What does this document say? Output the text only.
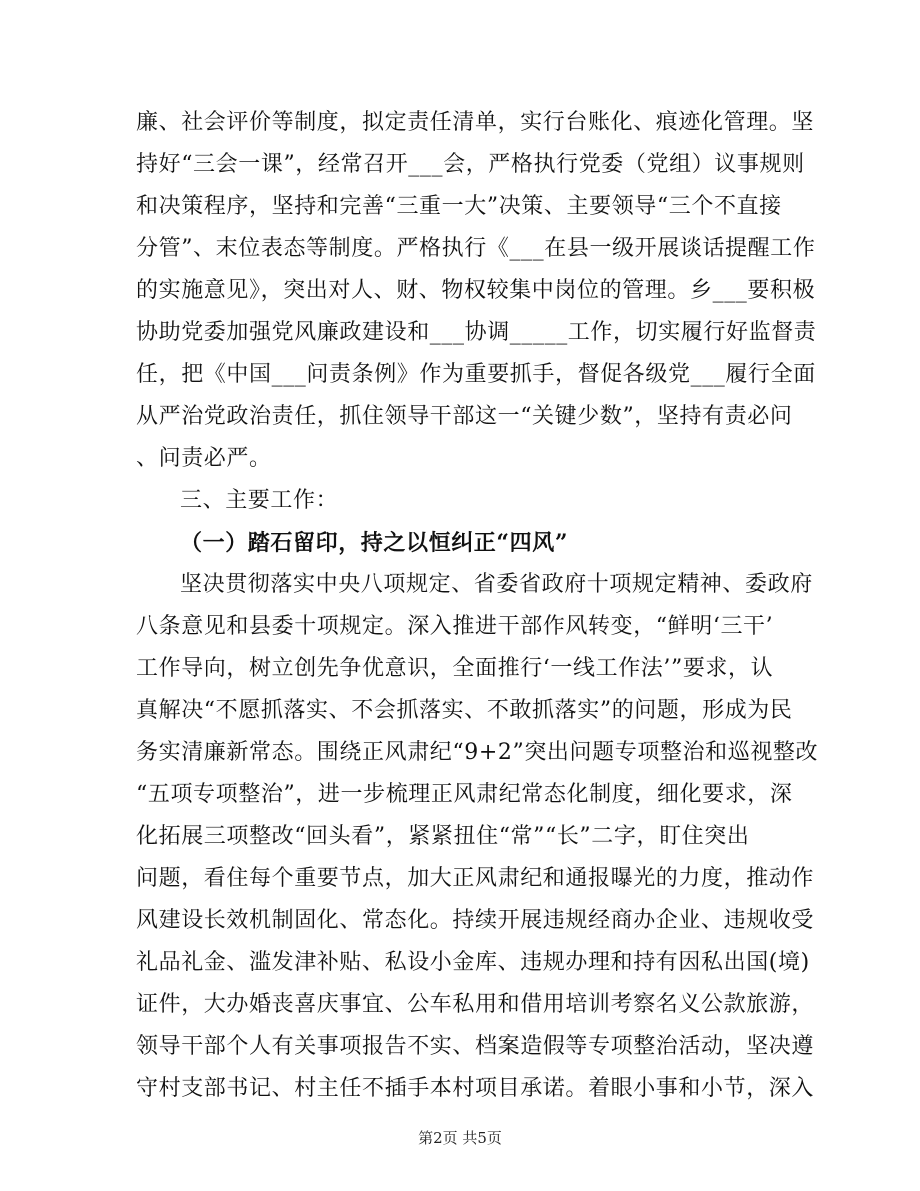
廉、社会评价等制度，拟定责任清单，实行台账化、痕迹化管理。坚
持好“三会一课”，经常召开___会，严格执行党委（党组）议事规则
和决策程序，坚持和完善“三重一大”决策、主要领导“三个不直接
分管”、末位表态等制度。严格执行《___在县一级开展谈话提醒工作
的实施意见》，突出对人、财、物权较集中岗位的管理。乡___要积极
协助党委加强党风廉政建设和___协调_____工作，切实履行好监督责
任，把《中国___问责条例》作为重要抓手，督促各级党___履行全面
从严治党政治责任，抓住领导干部这一“关键少数”，坚持有责必问
、问责必严。
三、主要工作：
（一）踏石留印，持之以恒纠正“四风”
坚决贯彻落实中央八项规定、省委省政府十项规定精神、委政府
八条意见和县委十项规定。深入推进干部作风转变，“鲜明‘三干’
工作导向，树立创先争优意识，全面推行‘一线工作法’”要求，认
真解决“不愿抓落实、不会抓落实、不敢抓落实”的问题，形成为民
务实清廉新常态。围绕正风肃纪“9+2”突出问题专项整治和巡视整改
“五项专项整治”，进一步梳理正风肃纪常态化制度，细化要求，深
化拓展三项整改“回头看”，紧紧扭住“常”“长”二字，盯住突出
问题，看住每个重要节点，加大正风肃纪和通报曝光的力度，推动作
风建设长效机制固化、常态化。持续开展违规经商办企业、违规收受
礼品礼金、滥发津补贴、私设小金库、违规办理和持有因私出国(境)
证件，大办婚丧喜庆事宜、公车私用和借用培训考察名义公款旅游，
领导干部个人有关事项报告不实、档案造假等专项整治活动，坚决遵
守村支部书记、村主任不插手本村项目承诺。着眼小事和小节，深入
第2页 共5页
